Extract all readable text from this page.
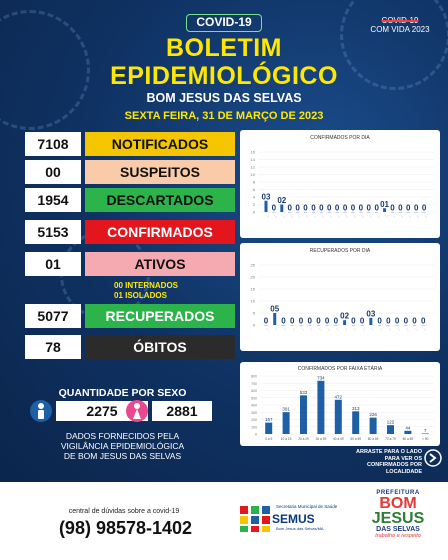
COVID-19	COVID-19
COM VIDA 2023
BOLETIM
EPIDEMIOLÓGICO
BOM JESUS DAS SELVAS
SEXTA FEIRA, 31 DE MARÇO DE 2023
7108	NOTIFICADOS
00	SUSPEITOS
1954	DESCARTADOS
5153	CONFIRMADOS
01	ATIVOS
5077	RECUPERADOS
78	ÓBITOS
00 INTERNADOS
01 ISOLADOS
CONFIRMADOS POR DIA
16
14
12
10
8
6
4
2
0
03
—
0
—
02
—
0
—
0
—
0
—
0
—
0
—
0
—
0
—
0
—
0
—
0
—
0
—
0
—
01
—
0
—
0
—
0
—
0
—
0
—
RECUPERADOS POR DIA
25
20
15
10
5
0 0
—
05
—
0
—
0
—
0
—
0
—
0
—
0
—
0
—
02
—
0
—
0
—
03
—
0
—
0
—
0
—
0
—
0
—
0
—
CONFIRMADOS POR FAIXA ETÁRIA
800
700
600
500
400
300
200
100
0
157
0 a 9
301
10 a 19
533
20 a 29
734
30 a 39
472
40 a 49
313
50 a 59
226
60 a 69
122
70 a 79
44
80 a 89
7
> 90
QUANTIDADE POR SEXO
2275	2881
DADOS FORNECIDOS PELA
VIGILÂNCIA EPIDEMIOLÓGICA
DE BOM JESUS DAS SELVAS	ARRASTE PARA O LADO
PARA VER OS
CONFIRMADOS POR LOCALIDADE
central de dúvidas sobre a covid-19
(98) 98578-1402
Secretaria Municipal de Saúde
SEMUS
Bom Jesus das Selvas/MA
PREFEITURA
BOM
JESUS
DAS SELVAS
trabalho e respeito
